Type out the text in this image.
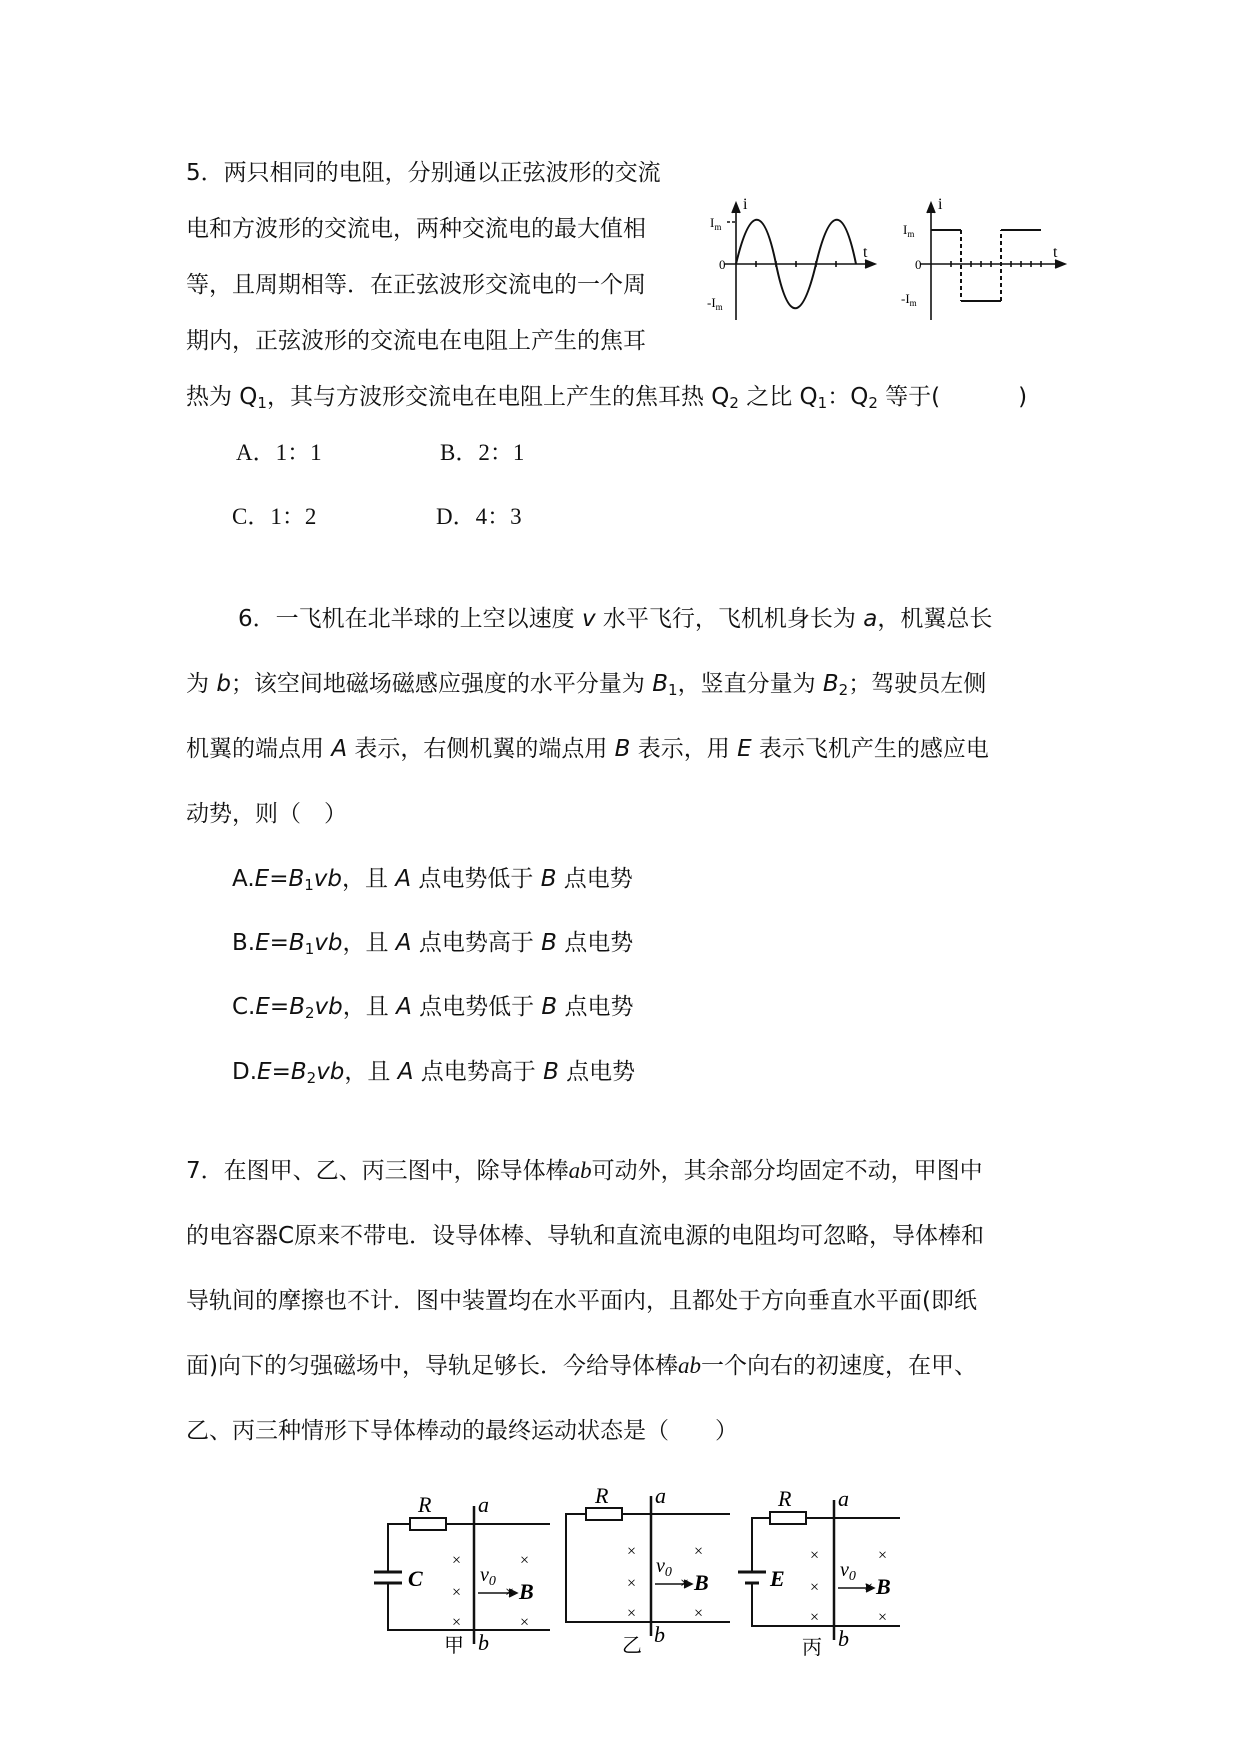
5．两只相同的电阻，分别通以正弦波形的交流
电和方波形的交流电，两种交流电的最大值相
等，且周期相等．在正弦波形交流电的一个周
期内，正弦波形的交流电在电阻上产生的焦耳
热为 $Q_1$，其与方波形交流电在电阻上产生的焦耳热 $Q_2$ 之比 $Q_1$：$Q_2$ 等于(	)
A．1：1	B．2：1
C．1：2	D．4：3
i
t
$I_m$
0
$-I_m$
i
t
$I_m$
0
$-I_m$
6．一飞机在北半球的上空以速度 v 水平飞行，飞机机身长为 a，机翼总长
为 b；该空间地磁场磁感应强度的水平分量为 $B_1$，竖直分量为 $B_2$；驾驶员左侧
机翼的端点用 A 表示，右侧机翼的端点用 B 表示，用 E 表示飞机产生的感应电
动势，则（　）
$A.E=B_1vb$，且 A 点电势低于 B 点电势
$B.E=B_1vb$，且 A 点电势高于 B 点电势
$C.E=B_2vb$，且 A 点电势低于 B 点电势
$D.E=B_2vb$，且 A 点电势高于 B 点电势
7．在图甲、乙、丙三图中，除导体棒ab可动外，其余部分均固定不动，甲图中
的电容器C原来不带电．设导体棒、导轨和直流电源的电阻均可忽略，导体棒和
导轨间的摩擦也不计．图中装置均在水平面内，且都处于方向垂直水平面(即纸
面)向下的匀强磁场中，导轨足够长．今给导体棒ab一个向右的初速度，在甲、
乙、丙三种情形下导体棒动的最终运动状态是（　　）
R a
b
C	$v_0$ B
×
×
×
×
×
×
甲
R a
b
$v_0$ B
×
×
×
×
×
×
乙
R a
b
E	$v_0$ B
×
×
×
×
×
×
丙
